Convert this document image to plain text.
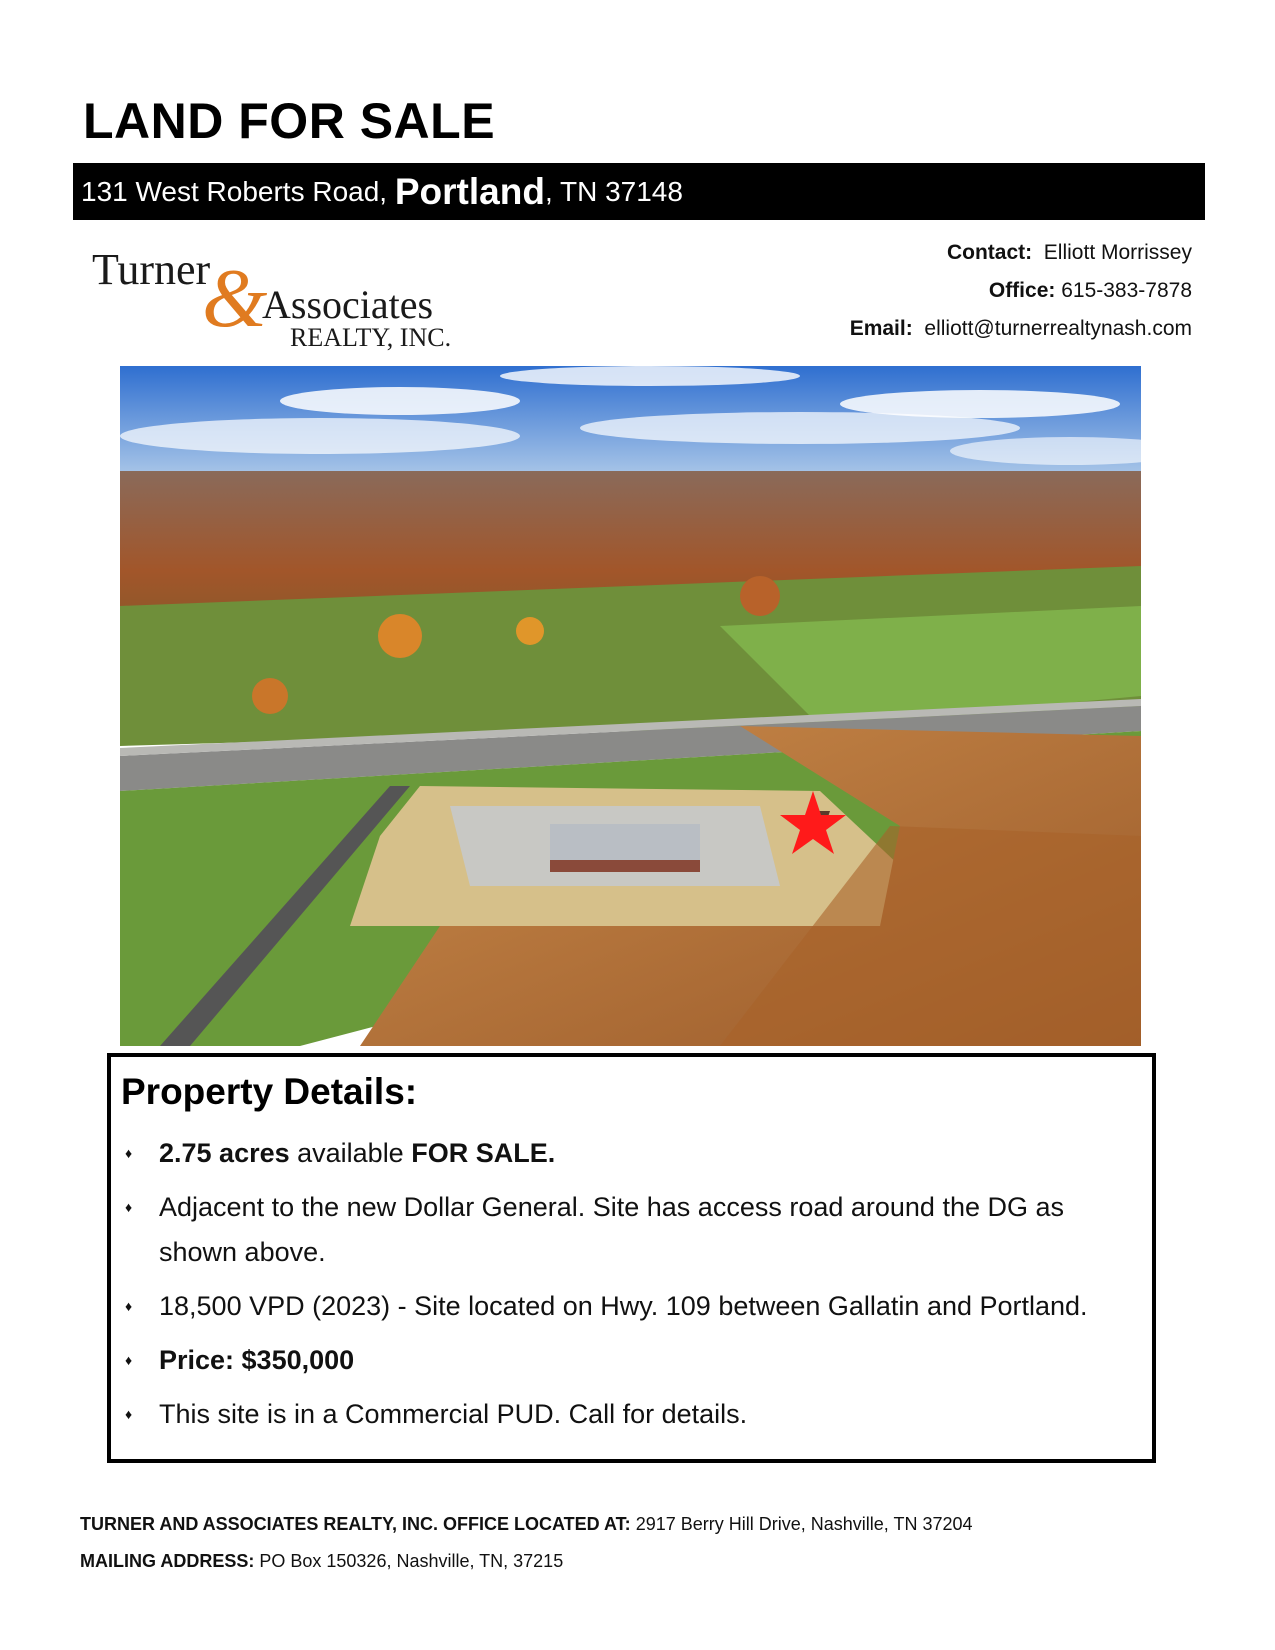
LAND FOR SALE
131 West Roberts Road, Portland , TN 37148
Turner
&
Associates
REALTY, INC.
Contact: Elliott Morrissey
Office: 615-383-7878
Email: elliott@turnerrealtynash.com
Property Details:
♦ 2.75 acres available FOR SALE.
♦ Adjacent to the new Dollar General. Site has access road around the DG as shown above.
♦ 18,500 VPD (2023) - Site located on Hwy. 109 between Gallatin and Portland.
♦ Price: $350,000
♦ This site is in a Commercial PUD. Call for details.
TURNER AND ASSOCIATES REALTY, INC. OFFICE LOCATED AT: 2917 Berry Hill Drive, Nashville, TN 37204
MAILING ADDRESS: PO Box 150326, Nashville, TN, 37215
